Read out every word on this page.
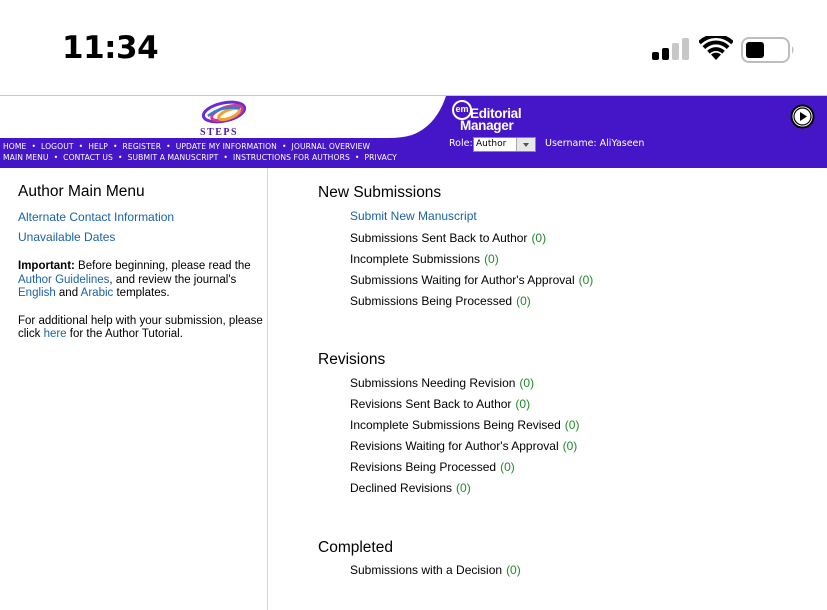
11:34
STEPS
HOME • LOGOUT • HELP • REGISTER • UPDATE MY INFORMATION • JOURNAL OVERVIEW
MAIN MENU • CONTACT US • SUBMIT A MANUSCRIPT • INSTRUCTIONS FOR AUTHORS • PRIVACY
em Editorial
Manager
Role: Author	Username: AliYaseen
Author Main Menu
Alternate Contact Information
Unavailable Dates

Important: Before beginning, please read the Author Guidelines, and review the journal's English and Arabic templates.

For additional help with your submission, please click here for the Author Tutorial.

New Submissions
Submit New Manuscript
Submissions Sent Back to Author (0)
Incomplete Submissions (0)
Submissions Waiting for Author's Approval (0)
Submissions Being Processed (0)
Revisions
Submissions Needing Revision (0)
Revisions Sent Back to Author (0)
Incomplete Submissions Being Revised (0)
Revisions Waiting for Author's Approval (0)
Revisions Being Processed (0)
Declined Revisions (0)
Completed
Submissions with a Decision (0)
